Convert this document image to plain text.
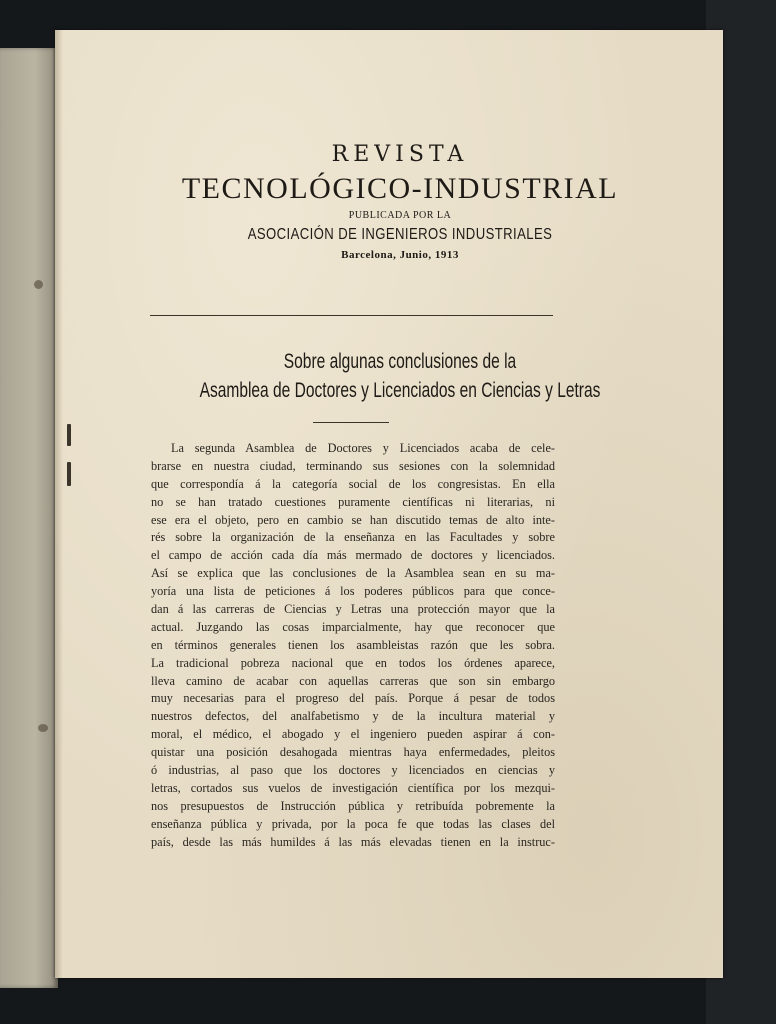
REVISTA
TECNOLÓGICO-INDUSTRIAL
PUBLICADA POR LA
ASOCIACIÓN DE INGENIEROS INDUSTRIALES
Barcelona, Junio, 1913
Sobre algunas conclusiones de la
Asamblea de Doctores y Licenciados en Ciencias y Letras
La segunda Asamblea de Doctores y Licenciados acaba de cele-
brarse en nuestra ciudad, terminando sus sesiones con la solemnidad
que correspondía á la categoría social de los congresistas. En ella
no se han tratado cuestiones puramente científicas ni literarias, ni
ese era el objeto, pero en cambio se han discutido temas de alto inte-
rés sobre la organización de la enseñanza en las Facultades y sobre
el campo de acción cada día más mermado de doctores y licenciados.
Así se explica que las conclusiones de la Asamblea sean en su ma-
yoría una lista de peticiones á los poderes públicos para que conce-
dan á las carreras de Ciencias y Letras una protección mayor que la
actual. Juzgando las cosas imparcialmente, hay que reconocer que
en términos generales tienen los asambleistas razón que les sobra.
La tradicional pobreza nacional que en todos los órdenes aparece,
lleva camino de acabar con aquellas carreras que son sin embargo
muy necesarias para el progreso del país. Porque á pesar de todos
nuestros defectos, del analfabetismo y de la incultura material y
moral, el médico, el abogado y el ingeniero pueden aspirar á con-
quistar una posición desahogada mientras haya enfermedades, pleitos
ó industrias, al paso que los doctores y licenciados en ciencias y
letras, cortados sus vuelos de investigación científica por los mezqui-
nos presupuestos de Instrucción pública y retribuída pobremente la
enseñanza pública y privada, por la poca fe que todas las clases del
país, desde las más humildes á las más elevadas tienen en la instruc-
